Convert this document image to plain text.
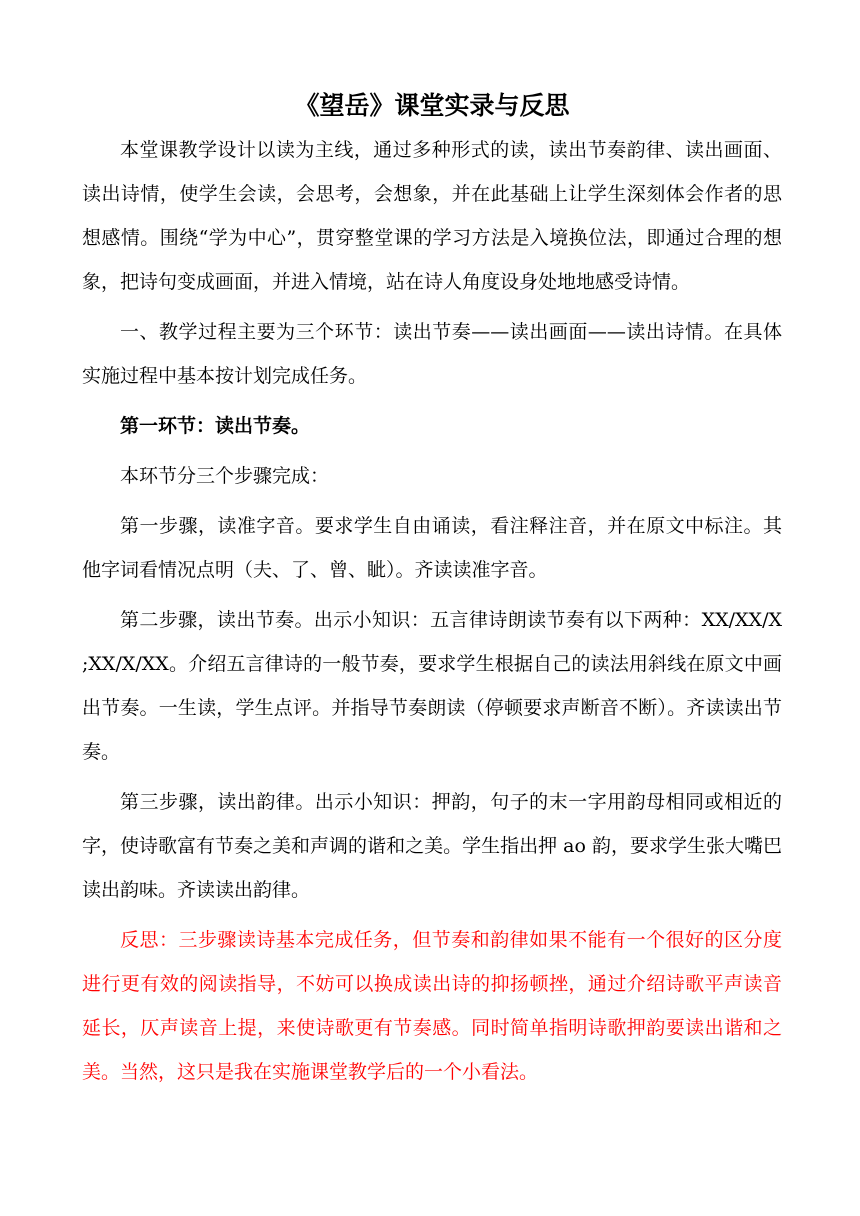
《望岳》课堂实录与反思

本堂课教学设计以读为主线，通过多种形式的读，读出节奏韵律、读出画面、读出诗情，使学生会读，会思考，会想象，并在此基础上让学生深刻体会作者的思想感情。围绕“学为中心”，贯穿整堂课的学习方法是入境换位法，即通过合理的想象，把诗句变成画面，并进入情境，站在诗人角度设身处地地感受诗情。

一、教学过程主要为三个环节：读出节奏——读出画面——读出诗情。在具体实施过程中基本按计划完成任务。

第一环节：读出节奏。

本环节分三个步骤完成：

第一步骤，读准字音。要求学生自由诵读，看注释注音，并在原文中标注。其他字词看情况点明（夫、了、曾、眦）。齐读读准字音。

第二步骤，读出节奏。出示小知识：五言律诗朗读节奏有以下两种：XX/XX/X ;XX/X/XX。介绍五言律诗的一般节奏，要求学生根据自己的读法用斜线在原文中画出节奏。一生读，学生点评。并指导节奏朗读（停顿要求声断音不断）。齐读读出节奏。

第三步骤，读出韵律。出示小知识：押韵，句子的末一字用韵母相同或相近的字，使诗歌富有节奏之美和声调的谐和之美。学生指出押 ao 韵，要求学生张大嘴巴读出韵味。齐读读出韵律。

反思：三步骤读诗基本完成任务，但节奏和韵律如果不能有一个很好的区分度进行更有效的阅读指导，不妨可以换成读出诗的抑扬顿挫，通过介绍诗歌平声读音延长，仄声读音上提，来使诗歌更有节奏感。同时简单指明诗歌押韵要读出谐和之美。当然，这只是我在实施课堂教学后的一个小看法。
